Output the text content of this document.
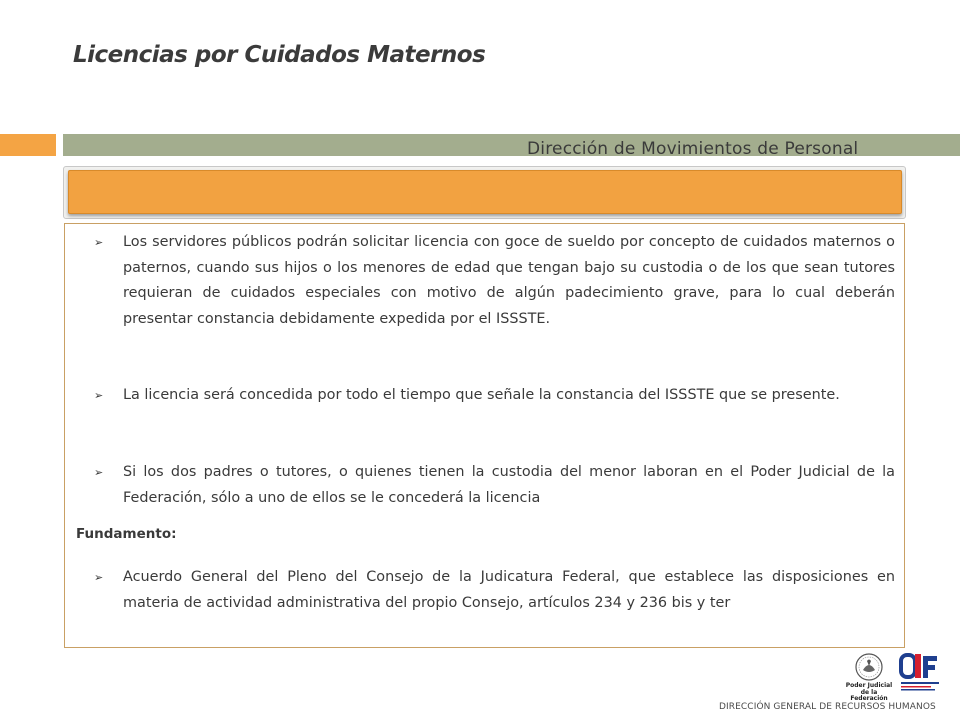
Licencias por Cuidados Maternos
Dirección de Movimientos de Personal
➢ Los servidores públicos podrán solicitar licencia con goce de sueldo por concepto de cuidados maternos o paternos, cuando sus hijos o los menores de edad que tengan bajo su custodia o de los que sean tutores requieran de cuidados especiales con motivo de algún padecimiento grave, para lo cual deberán presentar constancia debidamente expedida por el ISSSTE.
➢ La licencia será concedida por todo el tiempo que señale la constancia del ISSSTE que se presente.
➢ Si los dos padres o tutores, o quienes tienen la custodia del menor laboran en el Poder Judicial de la Federación, sólo a uno de ellos se le concederá la licencia
Fundamento:
➢ Acuerdo General del Pleno del Consejo de la Judicatura Federal, que establece las disposiciones en materia de actividad administrativa del propio Consejo, artículos 234 y 236 bis y ter
Poder Judicial de la Federación
DIRECCIÓN GENERAL DE RECURSOS HUMANOS
